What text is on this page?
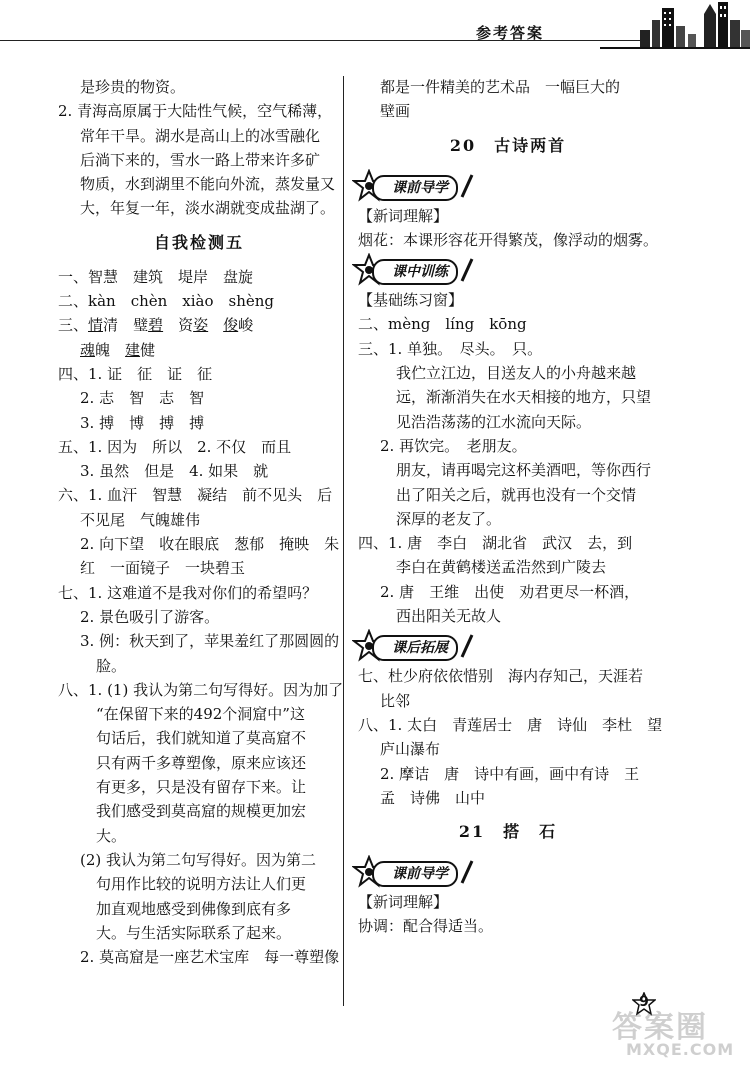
参考答案
是珍贵的物资。
2. 青海高原属于大陆性气候，空气稀薄，
常年干旱。湖水是高山上的冰雪融化
后淌下来的，雪水一路上带来许多矿
物质，水到湖里不能向外流，蒸发量又
大，年复一年，淡水湖就变成盐湖了。
自我检测五
一、智慧　建筑　堤岸　盘旋
二、kàn　chèn　xiào　shèng
三、情清　 璧碧　 资姿　 俊峻
魂魄　 建健
四、1. 证　征　证　征
2. 志　智　志　智
3. 搏　博　搏　搏
五、1. 因为　所以　2. 不仅　而且
3. 虽然　但是　4. 如果　就
六、1. 血汗　智慧　凝结　前不见头　后
不见尾　气魄雄伟
2. 向下望　收在眼底　葱郁　掩映　朱
红　一面镜子　一块碧玉
七、1. 这难道不是我对你们的希望吗？
2. 景色吸引了游客。
3. 例：秋天到了，苹果羞红了那圆圆的
脸。
八、1. (1) 我认为第二句写得好。因为加了
“在保留下来的492个洞窟中”这
句话后，我们就知道了莫高窟不
只有两千多尊塑像，原来应该还
有更多，只是没有留存下来。让
我们感受到莫高窟的规模更加宏
大。
(2) 我认为第二句写得好。因为第二
句用作比较的说明方法让人们更
加直观地感受到佛像到底有多
大。与生活实际联系了起来。
2. 莫高窟是一座艺术宝库　每一尊塑像
都是一件精美的艺术品　一幅巨大的
壁画
20　古诗两首
课前导学
【新词理解】
烟花：本课形容花开得繁茂，像浮动的烟雾。
课中训练
【基础练习窗】
二、mèng　líng　kōng
三、1. 单独。　尽头。　只。
我伫立江边，目送友人的小舟越来越
远，渐渐消失在水天相接的地方，只望
见浩浩荡荡的江水流向天际。
2. 再饮完。　老朋友。
朋友，请再喝完这杯美酒吧，等你西行
出了阳关之后，就再也没有一个交情
深厚的老友了。
四、1. 唐　李白　湖北省　武汉　去，到
李白在黄鹤楼送孟浩然到广陵去
2. 唐　王维　出使　劝君更尽一杯酒，
西出阳关无故人
课后拓展
七、杜少府依依惜别　海内存知己，天涯若
比邻
八、1. 太白　青莲居士　唐　诗仙　李杜　望
庐山瀑布
2. 摩诘　唐　诗中有画，画中有诗　王
孟　诗佛　山中
21　搭　石
课前导学
【新词理解】
协调：配合得适当。
9
答案圈
MXQE.COM
